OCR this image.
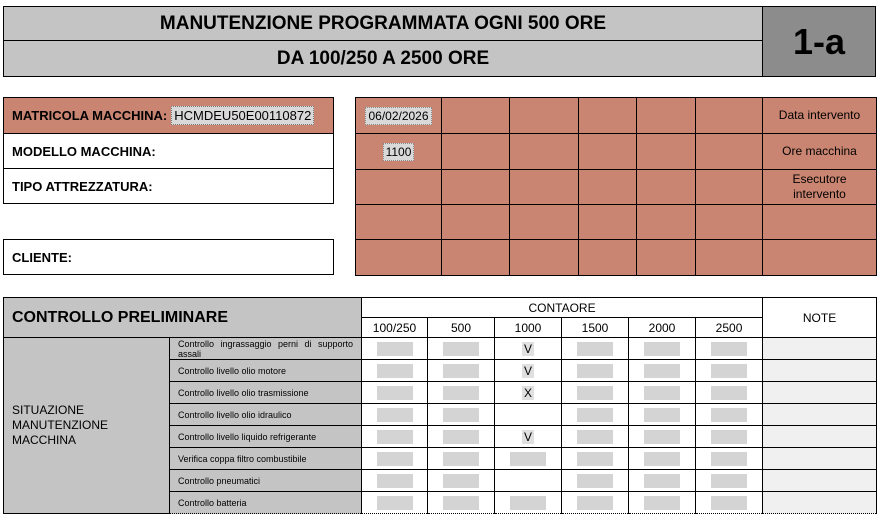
MANUTENZIONE PROGRAMMATA OGNI 500 ORE
DA 100/250 A 2500 ORE	1-a
MATRICOLA MACCHINA: HCMDEU50E00110872
MODELLO MACCHINA:
TIPO ATTREZZATURA:
CLIENTE:
06/02/2026						Data intervento
1100						Ore macchina
						Esecutore intervento

CONTROLLO PRELIMINARE		CONTAORE						NOTE
		100/250	500	1000	1500	2000	2500	

SITUAZIONE MANUTENZIONE MACCHINA	Controllo ingrassaggio perni di supporto assali			V				
	Controllo livello olio motore			V				
	Controllo livello olio trasmissione			X				
	Controllo livello olio idraulico							
	Controllo livello liquido refrigerante			V				
	Verifica coppa filtro combustibile							
	Controllo pneumatici							
	Controllo batteria							
